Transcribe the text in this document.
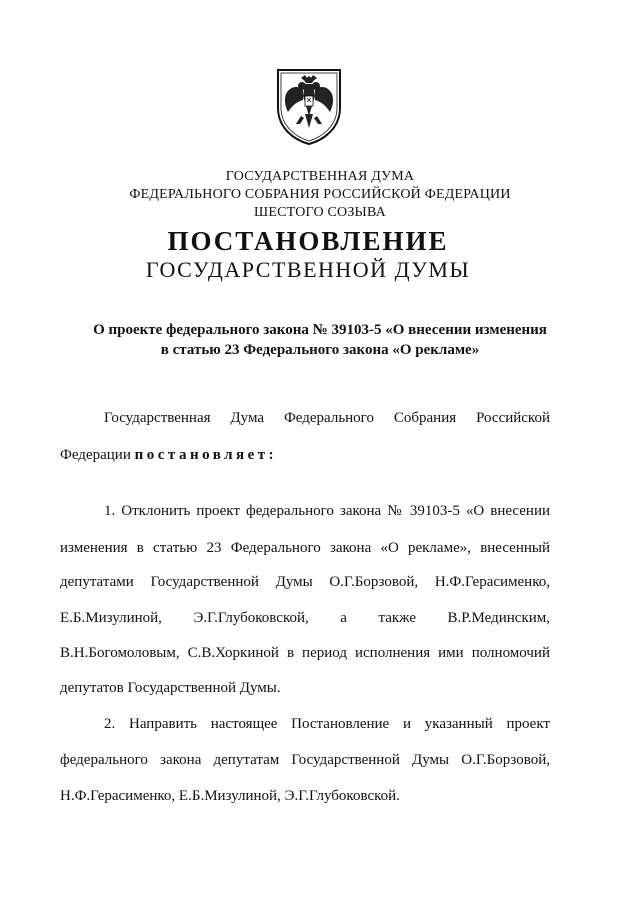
ГОСУДАРСТВЕННАЯ ДУМА
ФЕДЕРАЛЬНОГО СОБРАНИЯ РОССИЙСКОЙ ФЕДЕРАЦИИ
ШЕСТОГО СОЗЫВА
ПОСТАНОВЛЕНИЕ
ГОСУДАРСТВЕННОЙ ДУМЫ
О проекте федерального закона № 39103-5 «О внесении изменения
в статью 23 Федерального закона «О рекламе»
Государственная Дума Федерального Собрания Российской
Федерации постановляет:
1. Отклонить проект федерального закона № 39103-5 «О внесении
изменения в статью 23 Федерального закона «О рекламе», внесенный
депутатами Государственной Думы О.Г.Борзовой, Н.Ф.Герасименко,
Е.Б.Мизулиной, Э.Г.Глубоковской, а также В.Р.Мединским,
В.Н.Богомоловым, С.В.Хоркиной в период исполнения ими полномочий
депутатов Государственной Думы.
2. Направить настоящее Постановление и указанный проект
федерального закона депутатам Государственной Думы О.Г.Борзовой,
Н.Ф.Герасименко, Е.Б.Мизулиной, Э.Г.Глубоковской.
